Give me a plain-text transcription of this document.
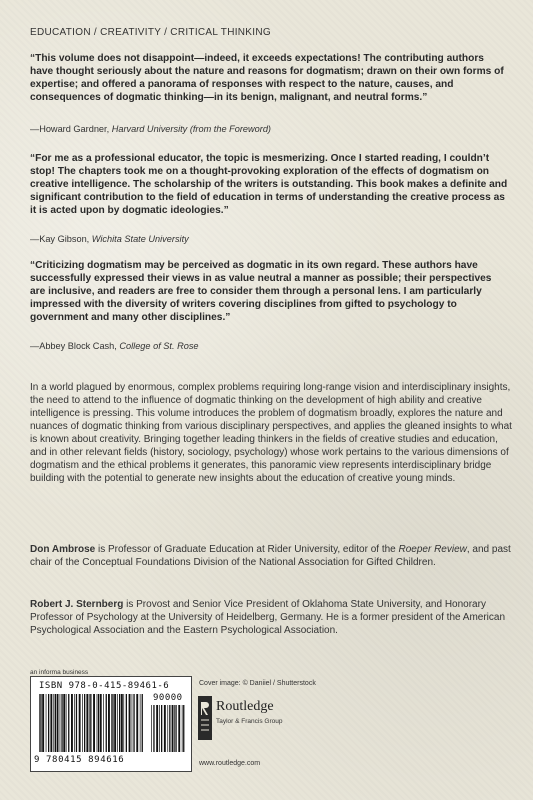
EDUCATION / CREATIVITY / CRITICAL THINKING

“This volume does not disappoint—indeed, it exceeds expectations! The contributing authors have thought seriously about the nature and reasons for dogmatism; drawn on their own forms of expertise; and offered a panorama of responses with respect to the nature, causes, and consequences of dogmatic thinking—in its benign, malignant, and neutral forms.”

—Howard Gardner, Harvard University (from the Foreword)

“For me as a professional educator, the topic is mesmerizing. Once I started reading, I couldn’t stop! The chapters took me on a thought-provoking exploration of the effects of dogmatism on creative intelligence. The scholarship of the writers is outstanding. This book makes a definite and significant contribution to the field of education in terms of understanding the creative process as it is acted upon by dogmatic ideologies.”

—Kay Gibson, Wichita State University

“Criticizing dogmatism may be perceived as dogmatic in its own regard. These authors have successfully expressed their views in as value neutral a manner as possible; their perspectives are inclusive, and readers are free to consider them through a personal lens. I am particularly impressed with the diversity of writers covering disciplines from gifted to psychology to government and many other disciplines.”

—Abbey Block Cash, College of St. Rose

In a world plagued by enormous, complex problems requiring long-range vision and interdisciplinary insights, the need to attend to the influence of dogmatic thinking on the development of high ability and creative intelligence is pressing. This volume introduces the problem of dogmatism broadly, explores the nature and nuances of dogmatic thinking from various disciplinary perspectives, and applies the gleaned insights to what is known about creativity. Bringing together leading thinkers in the fields of creative studies and education, and in other relevant fields (history, sociology, psychology) whose work pertains to the various dimensions of dogmatism and the ethical problems it generates, this panoramic view represents interdisciplinary bridge building with the potential to generate new insights about the education of creative young minds.

Don Ambrose is Professor of Graduate Education at Rider University, editor of the Roeper Review, and past chair of the Conceptual Foundations Division of the National Association for Gifted Children.

Robert J. Sternberg is Provost and Senior Vice President of Oklahoma State University, and Honorary Professor of Psychology at the University of Heidelberg, Germany. He is a former president of the American Psychological Association and the Eastern Psychological Association.

an informa business
ISBN 978-0-415-89461-6
90000
9 780415 894616
Cover image: © Daniiel / Shutterstock
Routledge
Taylor & Francis Group
www.routledge.com
